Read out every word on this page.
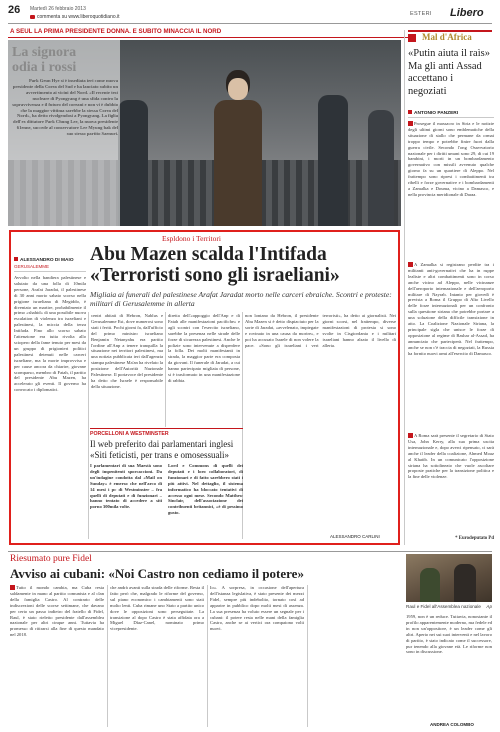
26 Martedì 26 febbraio 2013
commenta su www.liberoquotidiano.it	ESTERI Libero
A SEUL LA PRIMA PRESIDENTE DONNA. E SUBITO MINACCIA IL NORD
La signora
odia i rossi
Park Geun Hye si è insediata ieri come nuova presidente della Corea del Sud e ha lanciato subito un avvertimento ai vicini del Nord. «Il recente test nucleare di Pyongyang è una sfida contro la sopravvivenza e il futuro del coreani e non vi è dubbio che la maggior vittima sarebbe la stessa Corea del Nord», ha detto rivolgendosi a Pyongyang. La figlia dell'ex dittatore Park Chung Lee, la nuova presidente 61enne, succede al conservatore Lee Myung bak del suo stesso partito Saenuri.
Mal d'Africa
«Putin aiuta il raìs» Ma gli anti Assad accettano i negoziati
ANTONIO PANZERI
Prosegue il massacro in Siria e le notizie degli ultimi giorni sono emblematiche della situazione di stallo che permane da ormai troppo tempo e potrebbe finire fuori dalla guerra civile. Secondo l'ong Osservatorio nazionale per i diritti umani sono 29, di cui 19 bambini, i morti in un bombardamento governativo con missili avvenuto qualche giorno fa su un quartiere di Aleppo. Nel frattempo sono ripresi i combattimenti tra ribelli e forze governative e i bombardamenti a Zamalka e Douma, vicino a Damasco, e nella provincia meridionale di Daraa.
A Zamalka si registrano perdite tra i militanti anti-governativi che ha in ruppe lealiste e altri combattimenti sono in corso anche vicino ad Aleppo, nelle vicinanze dell'aeroporto internazionale e dell'aeroporto militare di Nayrab. Intanto per giovedì è prevista a Roma il Gruppo di Alto Livello delle forze internazionali per un confronto sulla questione siriana che potrebbe portare a una soluzione della difficile transizione in atto. La Coalizione Nazionale Siriana, la principale sigla che unisce le forze di opposizione al regime di Bashar al-Assad, ha annunciato che parteciperà. Nel frattempo, anche se non c'è traccia di negoziati, la Russia ha fornito nuovi armi all'esercito di Damasco.
A Roma sarà presente il segretario di Stato Usa, John Kerry, alla sua prima uscita internazionale e, dopo averci ripensato, ci sarà anche il leader della coalizione, Ahmed Moaz al Khatib. In un comunicato l'opposizione siriana ha sottolineato che vuole ascoltare proposte pratiche per la transizione politica e la fine delle violenze.
* Eurodeputato Pd
Espldono i Territori
ALESSANDRO DI MAIO
GERUSALEMME
Abu Mazen scalda l'Intifada
«Terroristi sono gli israeliani»
Migliaia ai funerali del palestinese Arafat Jaradat morto nelle carceri ebraiche. Scontri e proteste: militari di Gerusalemme in allerta
Avvolto nella bandiera palestinese e salutato da una folla di 10mila persone, Arafat Jaradat, il palestinese di 30 anni morto sabato scorso nella prigione israeliana di Megiddo, è diventato un martire, probabilmente il primo «shahid» di una possibile nuova escalation di violenza tra israeliani e palestinesi, la miccia della terza Intifada. Fino allo scorso sabato l'attenzione era tutta rivolta allo sciopero della fame tenuto per mesi da un gruppo di prigionieri politici palestinesi detenuti nelle carceri israeliane, ma la morte improvvisa e per cause ancora da chiarire, giovane scomparso, membro di Fatah, il partito del presidente Abu Mazen, ha accelerato gli eventi. Il governo ha convocato i diplomatici.
centri abitati di Hebron, Nablus e Gerusalemme Est, dove numerosi sono stati i feriti. Pochi giorni fa, dall'ufficio del primo ministro israeliano Benjamin Netanyahu era partito l'ordine all'Anp a tenere tranquilla la situazione nei territori palestinesi, ma una notizia pubblicata ieri dall'agenzia stampa palestinese Ma'an ha rivelato la posizione dell'Autorità Nazionale Palestinese. Il portavoce del presidente ha detto che Israele è responsabile della situazione.
diretta dell'«appoggio dell'Anp e di Fatah alle manifestazioni pacifiche» e agli scontri con l'esercito israeliano, sarebbe la presenza nelle strade delle forze di sicurezza palestinesi. Anche le polizie sono intervenute a disperdere la folla. Dei molti manifestanti in strada, la maggior parte era composta da giovani. Il funerale di Jaradat, a cui hanno partecipato migliaia di persone, si è trasformato in una manifestazione di rabbia.
non lontano da Hebron, il presidente Abu Mazen si è detto dispiaciuto per la sorte di Jaradat, «avvelenato, impiegate e rovinato in una causa da morire», e poi ha accusato Israele di non volere la pace. «Sono gli israeliani i veri terroristi», ha detto ai giornalisti. Nei giorni scorsi, nel frattempo, diverse manifestazioni di protesta si sono svolte in Cisgiordania e i militari israeliani hanno alzato il livello di allerta.
PORCELLONI A WESTMINSTER
Il web preferito dai parlamentari inglesi «Siti feticisti, per trans e omosessuali»
I parlamentari di sua Maestà sono degli impenitenti sporcaccioni. Da un'indagine condotta dal «Mail on Sunday» è emerso che nell'arco di 14 mesi i pc di Westminster – fra quelli di deputati e di funzionari – hanno tentato di accedere a siti porno 300mila volte.
Lord e Commons di quelli dei deputati e i loro collaboratori, di funzionari e di fatto sarebbero stati i più attivi. Nel dettaglio, il sistema informatico ha bloccato tentativi di accesso ogni mese. Secondo Matthew Sinclair, dell'associazione dei contribuenti britannici, «è di pessimo gusto.
ALESSANDRO CARLINI
Riesumato pure Fidel
Avviso ai cubani: «Noi Castro non cediamo il potere»
Raul e Fidel all'Assemblea nazionale Ap
Tutto il mondo cambia, ma Cuba resta saldamente in mano al partito comunista e al clan della famiglia Castro. Al contrario delle indiscrezioni delle scorse settimane, che davano per certo un passo indietro del fratello di Fidel, Raul, è stato rieletto presidente dall'assemblea nazionale per altri cinque anni. Tuttavia ha promesso di ritirarsi alla fine di questo mandato nel 2018.
che andrà avanti sulla strada delle riforme. Resta il fatto però che, malgrado le riforme del governo, sul piano economico i cambiamenti sono stati molto lenti. Cuba rimane uno Stato a partito unico dove le opposizioni sono perseguitate. La transizione al dopo Castro è stata affidata ora a Miguel Díaz-Canel, nominato primo vicepresidente.
Io». A sorpresa, in occasione dell'apertura dell'istanza legislativa, è stato presente dei mezzi Fidel, sempre più indebolito, tornato così ad apparire in pubblico dopo molti mesi di assenza. La sua presenza ha voluto essere un segnale per i cubani: il potere resta nelle mani della famiglia Castro, anche se ai vertici ora compaiono volti nuovi.
1959, non è un reduce. Tuttavia, nonostante il profilo apparentemente moderno, ma fedele ed in non un'oppositore, è un leader come gli altri. Aperto nei sui suoi interventi e nel lavoro di partito, è stato indicato come il successore, pur tenendo alla giovane età. Le riforme non sono in discussione.
ANDREA COLOMBO
